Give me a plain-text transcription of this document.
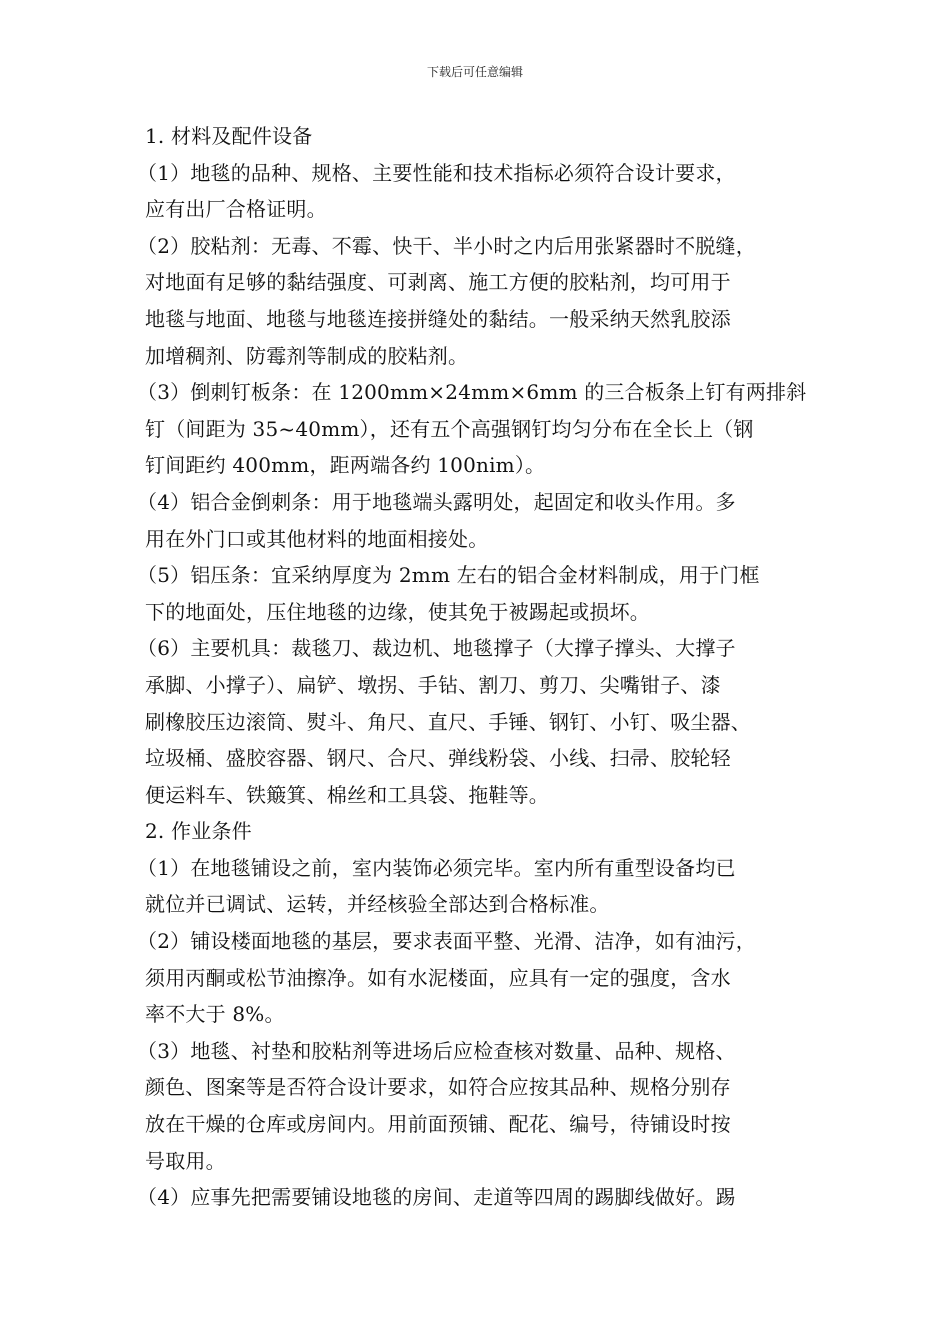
下载后可任意编辑
1. 材料及配件设备
（1）地毯的品种、规格、主要性能和技术指标必须符合设计要求，
应有出厂合格证明。
（2）胶粘剂：无毒、不霉、快干、半小时之内后用张紧器时不脱缝，
对地面有足够的黏结强度、可剥离、施工方便的胶粘剂，均可用于
地毯与地面、地毯与地毯连接拼缝处的黏结。一般采纳天然乳胶添
加增稠剂、防霉剂等制成的胶粘剂。
（3）倒刺钉板条：在 1200mm×24mm×6mm 的三合板条上钉有两排斜
钉（间距为 35~40mm），还有五个高强钢钉均匀分布在全长上（钢
钉间距约 400mm，距两端各约 100nim）。
（4）铝合金倒刺条：用于地毯端头露明处，起固定和收头作用。多
用在外门口或其他材料的地面相接处。
（5）铝压条：宜采纳厚度为 2mm 左右的铝合金材料制成，用于门框
下的地面处，压住地毯的边缘，使其免于被踢起或损坏。
（6）主要机具：裁毯刀、裁边机、地毯撑子（大撑子撑头、大撑子
承脚、小撑子）、扁铲、墩拐、手钻、割刀、剪刀、尖嘴钳子、漆
刷橡胶压边滚筒、熨斗、角尺、直尺、手锤、钢钉、小钉、吸尘器、
垃圾桶、盛胶容器、钢尺、合尺、弹线粉袋、小线、扫帚、胶轮轻
便运料车、铁簸箕、棉丝和工具袋、拖鞋等。
2. 作业条件
（1）在地毯铺设之前，室内装饰必须完毕。室内所有重型设备均已
就位并已调试、运转，并经核验全部达到合格标准。
（2）铺设楼面地毯的基层，要求表面平整、光滑、洁净，如有油污，
须用丙酮或松节油擦净。如有水泥楼面，应具有一定的强度，含水
率不大于 8%。
（3）地毯、衬垫和胶粘剂等进场后应检查核对数量、品种、规格、
颜色、图案等是否符合设计要求，如符合应按其品种、规格分别存
放在干燥的仓库或房间内。用前面预铺、配花、编号，待铺设时按
号取用。
（4）应事先把需要铺设地毯的房间、走道等四周的踢脚线做好。踢
